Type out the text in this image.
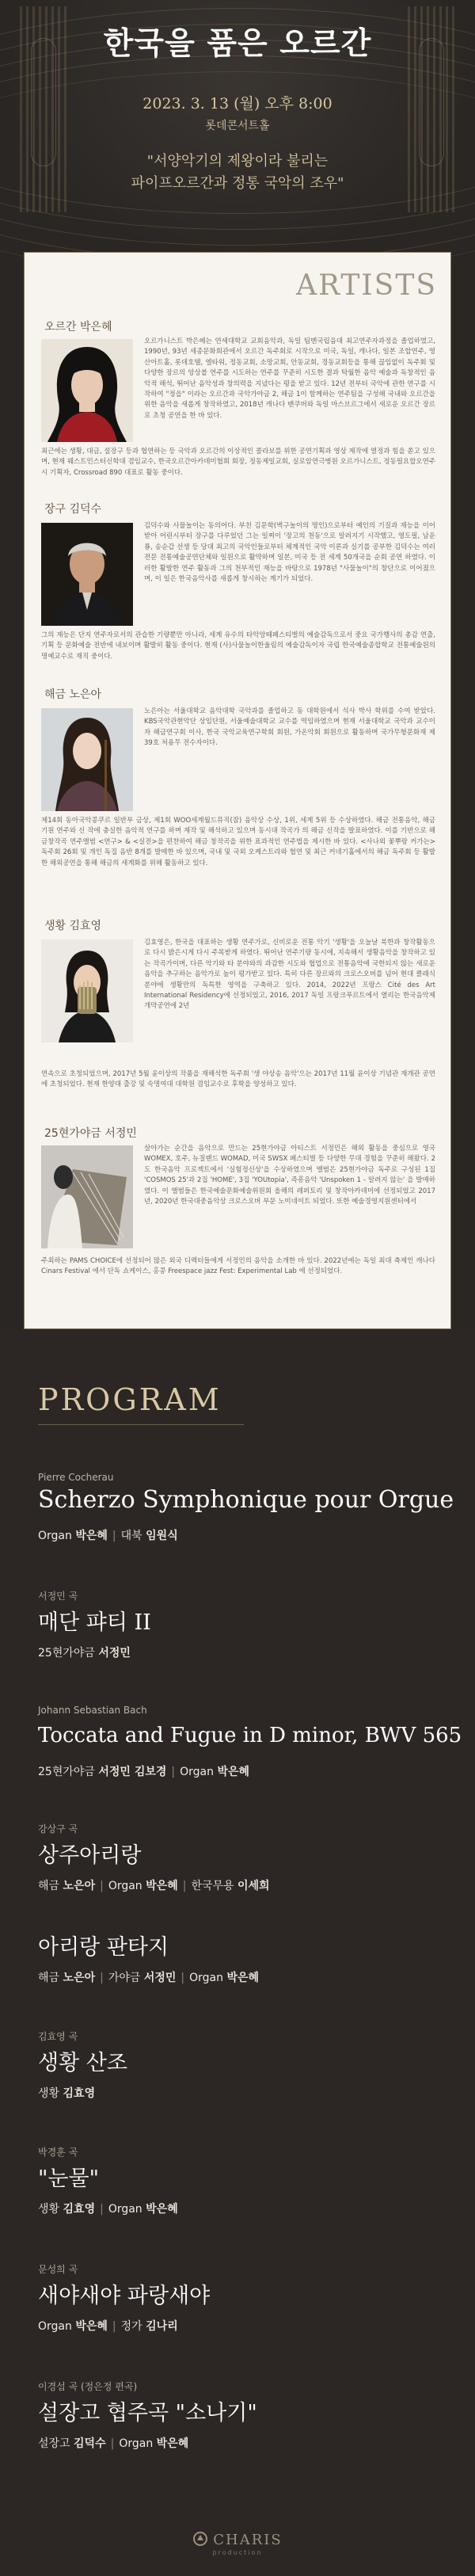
한국을 품은 오르간
2023. 3. 13 (월) 오후 8:00
롯데콘서트홀
"서양악기의 제왕이라 불리는
파이프오르간과 정통 국악의 조우"
ARTISTS
오르간 박은혜
오르가니스트 박은혜는 연세대학교 교회음악과, 독일 팀멘국립음대 최고연주자과정을 졸업하였고, 1990년, 93년 세종문화회관에서 오르간 독주회로 시작으로 미국, 독일, 캐나다, 일본 조합연주, 영산아트홀, 롯데호텔, 엘타워, 정동교회, 소망교회, 안동교회, 경동교회등을 통해 끊임없이 독주회 및 다양한 장르의 앙상블 연주를 시도하는 연주를 꾸준히 시도한 결과 탁월한 음악 예술과 독창적인 음악적 해석, 뛰어난 음악성과 창의력을 지녔다는 평을 받고 있다. 12년 전부터 국악에 관한 연구를 시작하여 "정읍" 이라는 오르간과 국악가야금 2, 해금 1이 함께하는 연주팀을 구성해 국내와 오르간을 위한 음악을 새롭게 창작하였고, 2018년 캐나다 밴쿠버와 독일 마스브르그에서 새로운 오르간 장르로 초청 공연을 한 바 있다.
최근에는 생황, 대금, 설장구 등과 협연하는 등 국악과 오르간의 이상적인 콜라보를 위한 공연기획과 영상 제작에 열정과 힘을 쏟고 있으며, 현재 웨스트민스터신학대 겸임교수, 한국오르간아카데미협회 회장, 정동제일교회, 실로암연극병원 오르가니스트, 정동필요합오연주시 기획자, Crossroad 890 대표로 활동 중이다.
장구 김덕수
김덕수와 사물놀이는 동의어다. 부친 김문학(벽구놀이의 명인)으로부터 예인의 기질과 재능을 이어받아 어린시부터 장구를 다루었던 그는 일찌이 '장고의 천동'으로 알려지기 시작했고, 영도필, 남운룡, 송순갑 선생 등 당대 최고의 국악인들로부터 체계적인 국악 이론과 실기를 공부한 김덕수는 여러 전문 전통예술공연단체와 일원으로 활약하며 일본, 미국 등 전 세계 50개국을 순회 공연 하였다. 이러한 활발한 연주 활동과 그의 천부적인 재능을 바탕으로 1978년 "사물놀이"의 창단으로 이어졌으며, 이 일은 한국음악사를 새롭게 창시하는 계기가 되었다.
그의 재능은 단지 연주자로서의 관습한 기량뿐만 아니라, 세계 유수의 타악앙떼페스티벌의 예술감독으로서 중요 국가행사의 총감 연출, 기획 등 문화예술 전반에 내보이며 활발히 활동 중이다. 현재 (사)사물놀이한울림의 예술감독이자 국립 한국예술종합학교 전통예술원의 명예교수로 재직 중이다.
해금 노은아
노은아는 서울대학교 음악대학 국악과를 졸업하고 동 대학원에서 석사 박사 학위를 수여 받았다. KBS국악관현악단 상임단원, 서울예술대학교 교수를 역임하였으며 현재 서울대학교 국악과 교수이자 해금연구회 이사, 한국 국악교육연구학회 회원, 가온악회 회원으로 활동하며 국가무형문화재 제39호 처용무 전수자이다.
제14회 동아국악콩쿠르 일반부 금상, 제1회 WOO세계월드뮤직(잠) 음악상 수상, 1위, 세계 5위 등 수상하였다. 해금 전통음악, 해금 기원 연주와 신 작에 충실한 음악적 연구를 하며 제작 및 해석하고 있으며 동시대 작곡가 의 해금 신작을 발표하였다. 이를 기반으로 해금창작곡 연주앨범 <연구> & <실전>을 편찬하여 해금 창작곡을 위한 표과적인 연주법을 제시한 바 있다. <사나외 꽃뿌랑 커가는> 독주회 26회 및 개인 독집 음반 8개를 발매한 바 있으며, 국내 및 국외 오케스트라와 협연 및 최근 커네기홀에서의 해금 독주회 등 활발한 해외공연을 통해 해금의 세계화를 위해 활동하고 있다.
생황 김효영
김효영은, 한국을 대표하는 생황 연주가로, 신비로운 전통 악기 '생황'을 오늘날 북한과 창작활동으로 다시 밝은시게 다시 주목받게 하였다. 뛰어난 연주기량 동시에, 지속해서 생황음악을 창작하고 있는 작곡가이며, 다른 악기와 타 분야와의 과감한 시도와 협업으로 전통음악에 국한되지 않는 새로운 음악을 추구하는 음악가로 높이 평가받고 있다. 특히 다른 장르와의 크로스오버를 넘어 현대 클래식 분야에 생황만의 독특한 영역을 구축하고 있다. 2014, 2022년 프랑스 Cité des Art International Residency에 선정되었고, 2016, 2017 독일 프랑크푸르트에서 열리는 한국음악제 개막공연에 2년
연속으로 초청되었으며, 2017년 5월 윤이상의 작품을 재해석한 독주회 '생 야상송 음악'으는 2017년 11월 윤이상 기념관 재개관 공연에 초청되었다. 현재 한양대 출강 및 숙명여대 대학원 겸임교수로 후학을 양성하고 있다.
25현가야금 서정민
살아가는 순간을 음악으로 만드는 25현가야금 아티스트 서정민은 해외 활동을 중심으로 영국 WOMEX, 호주, 뉴질랜드 WOMAD, 미국 SWSX 페스티벌 등 다양한 무대 경험을 꾸준히 해왔다. 2도 한국음악 프로젝트에서 '실험정신상'을 수상하였으며 앨범은 25현가야금 독주로 구성된 1집 'COSMOS 25'과 2집 'HOME', 3집 'YOUtopia', 즉흥음악 'Unspoken 1 - 알려지 않는' 을 발매하였다. 이 앨범들은 한국예술문화예술위원회 올해의 레퍼토리 및 창작아카데미에 선정되었고 2017년, 2020년 한국대중음악상 크로스오버 부문 노미네이트 되었다. 또한 예술경영지원센터에서
주최하는 PAMS CHOICE에 선정되어 많은 외국 디렉터들에게 서정민의 음악을 소개한 바 있다. 2022년에는 독일 최대 축제인 캐나다 Cinars Festival 에서 단독 쇼케이스, 홍콩 Freespace jazz Fest: Experimental Lab 에 선정되었다.
PROGRAM
Pierre Cocherau
Scherzo Symphonique pour Orgue
Organ 박은혜 | 대북 임원식
서정민 곡
매단 퍄티 II
25현가야금 서정민
Johann Sebastian Bach
Toccata and Fugue in D minor, BWV 565
25현가야금 서정민 김보경 | Organ 박은혜
강상구 곡
상주아리랑
해금 노은아 | Organ 박은혜 | 한국무용 이세희
아리랑 판타지
해금 노은아 | 가야금 서정민 | Organ 박은혜
김효영 곡
생황 산조
생황 김효영
박경훈 곡
"눈물"
생황 김효영 | Organ 박은혜
문성희 곡
새야새야 파랑새야
Organ 박은혜 | 정가 김나리
이경섭 곡 (정은정 편곡)
설장고 협주곡 "소나기"
설장고 김덕수 | Organ 박은혜
CHARIS
production
